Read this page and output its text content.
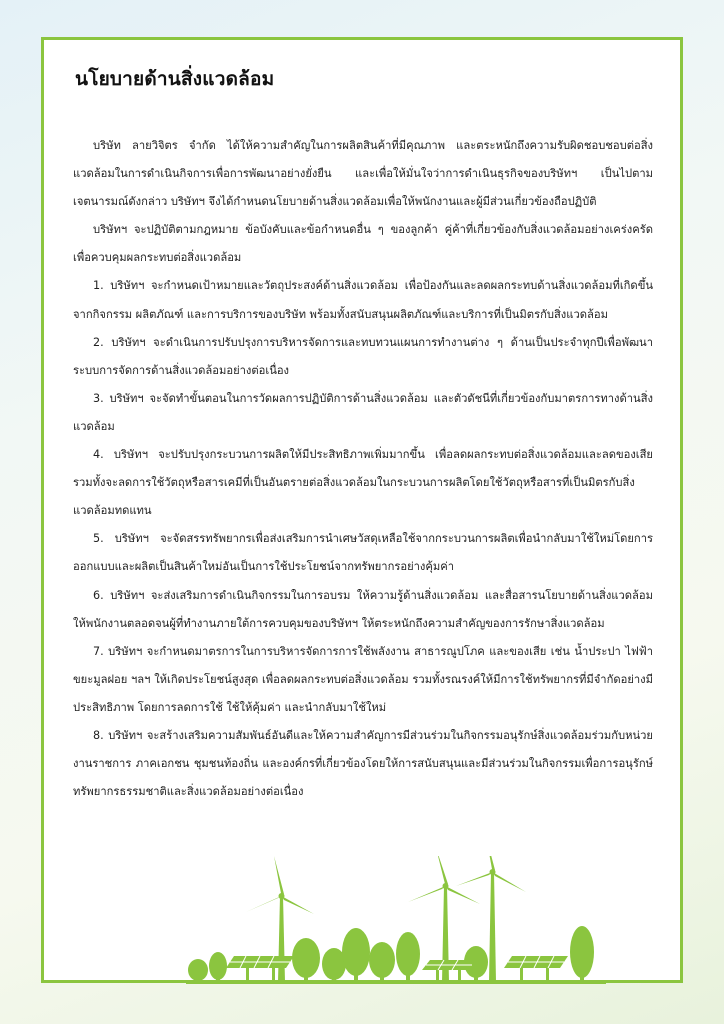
นโยบายด้านสิ่งแวดล้อม

บริษัท ลายวิจิตร จำกัด ได้ให้ความสำคัญในการผลิตสินค้าที่มีคุณภาพ และตระหนักถึงความรับผิดชอบชอบต่อสิ่งแวดล้อมในการดำเนินกิจการเพื่อการพัฒนาอย่างยั่งยืน และเพื่อให้มั่นใจว่าการดำเนินธุรกิจของบริษัทฯ เป็นไปตามเจตนารมณ์ดังกล่าว บริษัทฯ จึงได้กำหนดนโยบายด้านสิ่งแวดล้อมเพื่อให้พนักงานและผู้มีส่วนเกี่ยวข้องถือปฏิบัติ

บริษัทฯ จะปฏิบัติตามกฎหมาย ข้อบังคับและข้อกำหนดอื่น ๆ ของลูกค้า คู่ค้าที่เกี่ยวข้องกับสิ่งแวดล้อมอย่างเคร่งครัดเพื่อควบคุมผลกระทบต่อสิ่งแวดล้อม

1. บริษัทฯ จะกำหนดเป้าหมายและวัตถุประสงค์ด้านสิ่งแวดล้อม เพื่อป้องกันและลดผลกระทบด้านสิ่งแวดล้อมที่เกิดขึ้นจากกิจกรรม ผลิตภัณฑ์ และการบริการของบริษัท พร้อมทั้งสนับสนุนผลิตภัณฑ์และบริการที่เป็นมิตรกับสิ่งแวดล้อม

2. บริษัทฯ จะดำเนินการปรับปรุงการบริหารจัดการและทบทวนแผนการทำงานต่าง ๆ ด้านเป็นประจำทุกปีเพื่อพัฒนาระบบการจัดการด้านสิ่งแวดล้อมอย่างต่อเนื่อง

3. บริษัทฯ จะจัดทำขั้นตอนในการวัดผลการปฏิบัติการด้านสิ่งแวดล้อม และตัวดัชนีที่เกี่ยวข้องกับมาตรการทางด้านสิ่งแวดล้อม

4. บริษัทฯ จะปรับปรุงกระบวนการผลิตให้มีประสิทธิภาพเพิ่มมากขึ้น เพื่อลดผลกระทบต่อสิ่งแวดล้อมและลดของเสีย รวมทั้งจะลดการใช้วัตถุหรือสารเคมีที่เป็นอันตรายต่อสิ่งแวดล้อมในกระบวนการผลิตโดยใช้วัตถุหรือสารที่เป็นมิตรกับสิ่งแวดล้อมทดแทน

5. บริษัทฯ จะจัดสรรทรัพยากรเพื่อส่งเสริมการนำเศษวัสดุเหลือใช้จากกระบวนการผลิตเพื่อนำกลับมาใช้ใหม่โดยการออกแบบและผลิตเป็นสินค้าใหม่อันเป็นการใช้ประโยชน์จากทรัพยากรอย่างคุ้มค่า

6. บริษัทฯ จะส่งเสริมการดำเนินกิจกรรมในการอบรม ให้ความรู้ด้านสิ่งแวดล้อม และสื่อสารนโยบายด้านสิ่งแวดล้อมให้พนักงานตลอดจนผู้ที่ทำงานภายใต้การควบคุมของบริษัทฯ ให้ตระหนักถึงความสำคัญของการรักษาสิ่งแวดล้อม

7. บริษัทฯ จะกำหนดมาตรการในการบริหารจัดการการใช้พลังงาน สาธารณูปโภค และของเสีย เช่น น้ำประปา ไฟฟ้า ขยะมูลฝอย ฯลฯ ให้เกิดประโยชน์สูงสุด เพื่อลดผลกระทบต่อสิ่งแวดล้อม รวมทั้งรณรงค์ให้มีการใช้ทรัพยากรที่มีจำกัดอย่างมีประสิทธิภาพ โดยการลดการใช้ ใช้ให้คุ้มค่า และนำกลับมาใช้ใหม่

8. บริษัทฯ จะสร้างเสริมความสัมพันธ์อันดีและให้ความสำคัญการมีส่วนร่วมในกิจกรรมอนุรักษ์สิ่งแวดล้อมร่วมกับหน่วยงานราชการ ภาคเอกชน ชุมชนท้องถิ่น และองค์กรที่เกี่ยวข้องโดยให้การสนับสนุนและมีส่วนร่วมในกิจกรรมเพื่อการอนุรักษ์ทรัพยากรธรรมชาติและสิ่งแวดล้อมอย่างต่อเนื่อง
